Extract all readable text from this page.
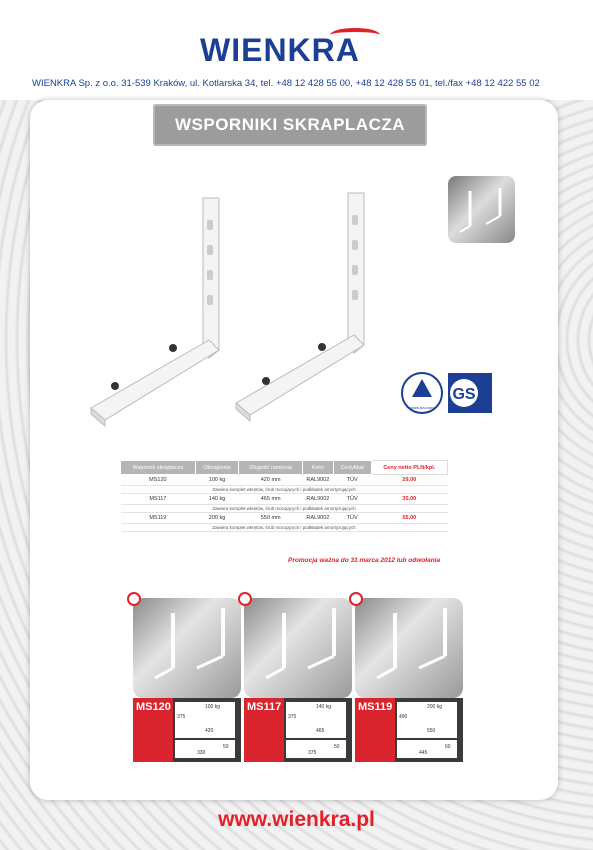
WIENKRA
WIENKRA Sp. z o.o. 31-539 Kraków, ul. Kotlarska 34, tel. +48 12 428 55 00, +48 12 428 55 01, tel./fax +48 12 422 55 02
WSPORNIKI SKRAPLACZA
www.tuv.com
GS
Wspornik skraplacza	Obciążenie	Długość ramienia	Kolor	Certyfikat	Ceny netto PLN/kpl.
MS120	100 kg	420 mm	RAL9002	TÜV	29,00
Zawiera komplet wkrętów, śrub mocujących i podkładek amortyzujących					
MS117	140 kg	465 mm	RAL9002	TÜV	35,00
Zawiera komplet wkrętów, śrub mocujących i podkładek amortyzujących					
MS119	200 kg	550 mm	RAL9002	TÜV	55,00
Zawiera komplet wkrętów, śrub mocujących i podkładek amortyzujących					
Promocja ważna do 31 marca 2012 lub odwołania
MS120
375
100 kg
420
330
50
MS117
375
140 kg
465
375
50
MS119
490
200 kg
550
445
60
www.wienkra.pl
